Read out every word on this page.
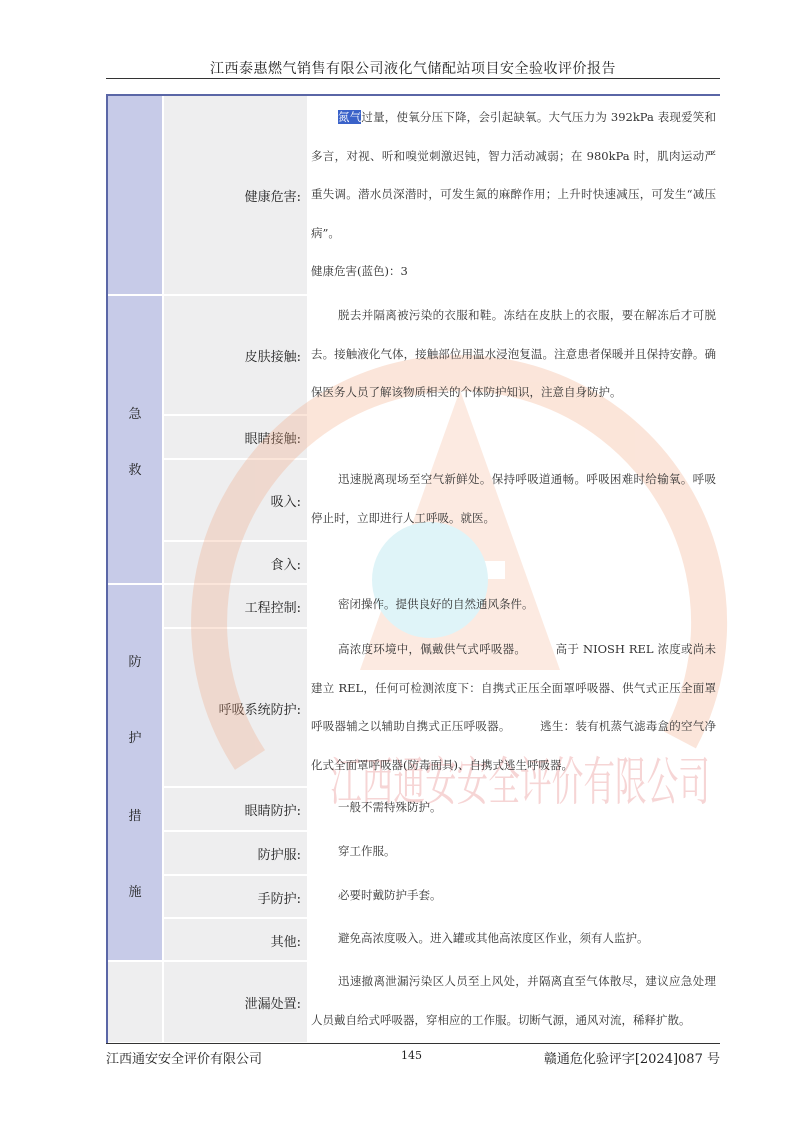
江西泰惠燃气销售有限公司液化气储配站项目安全验收评价报告
急
救
防
护
措
施
健康危害:
皮肤接触:
眼睛接触:
吸入:
食入:
工程控制:
呼吸系统防护:
眼睛防护:
防护服:
手防护:
其他:
泄漏处置:
江西通安安全评价有限公司

氮气过量，使氧分压下降，会引起缺氧。大气压力为 392kPa 表现爱笑和多言，对视、听和嗅觉刺激迟钝，智力活动减弱；在 980kPa 时，肌肉运动严重失调。潜水员深潜时，可发生氮的麻醉作用；上升时快速减压，可发生“减压病”。

健康危害(蓝色)：3

脱去并隔离被污染的衣服和鞋。冻结在皮肤上的衣服，要在解冻后才可脱去。接触液化气体，接触部位用温水浸泡复温。注意患者保暖并且保持安静。确保医务人员了解该物质相关的个体防护知识，注意自身防护。

迅速脱离现场至空气新鲜处。保持呼吸道通畅。呼吸困难时给输氧。呼吸停止时，立即进行人工呼吸。就医。

密闭操作。提供良好的自然通风条件。

高浓度环境中，佩戴供气式呼吸器。　　　高于 NIOSH REL 浓度或尚未建立 REL，任何可检测浓度下：自携式正压全面罩呼吸器、供气式正压全面罩呼吸器辅之以辅助自携式正压呼吸器。　　　逃生：装有机蒸气滤毒盒的空气净化式全面罩呼吸器(防毒面具)、自携式逃生呼吸器。

一般不需特殊防护。

穿工作服。

必要时戴防护手套。

避免高浓度吸入。进入罐或其他高浓度区作业，须有人监护。

迅速撤离泄漏污染区人员至上风处，并隔离直至气体散尽，建议应急处理人员戴自给式呼吸器，穿相应的工作服。切断气源，通风对流，稀释扩散。

江西通安安全评价有限公司	145	赣通危化验评字[2024]087 号
